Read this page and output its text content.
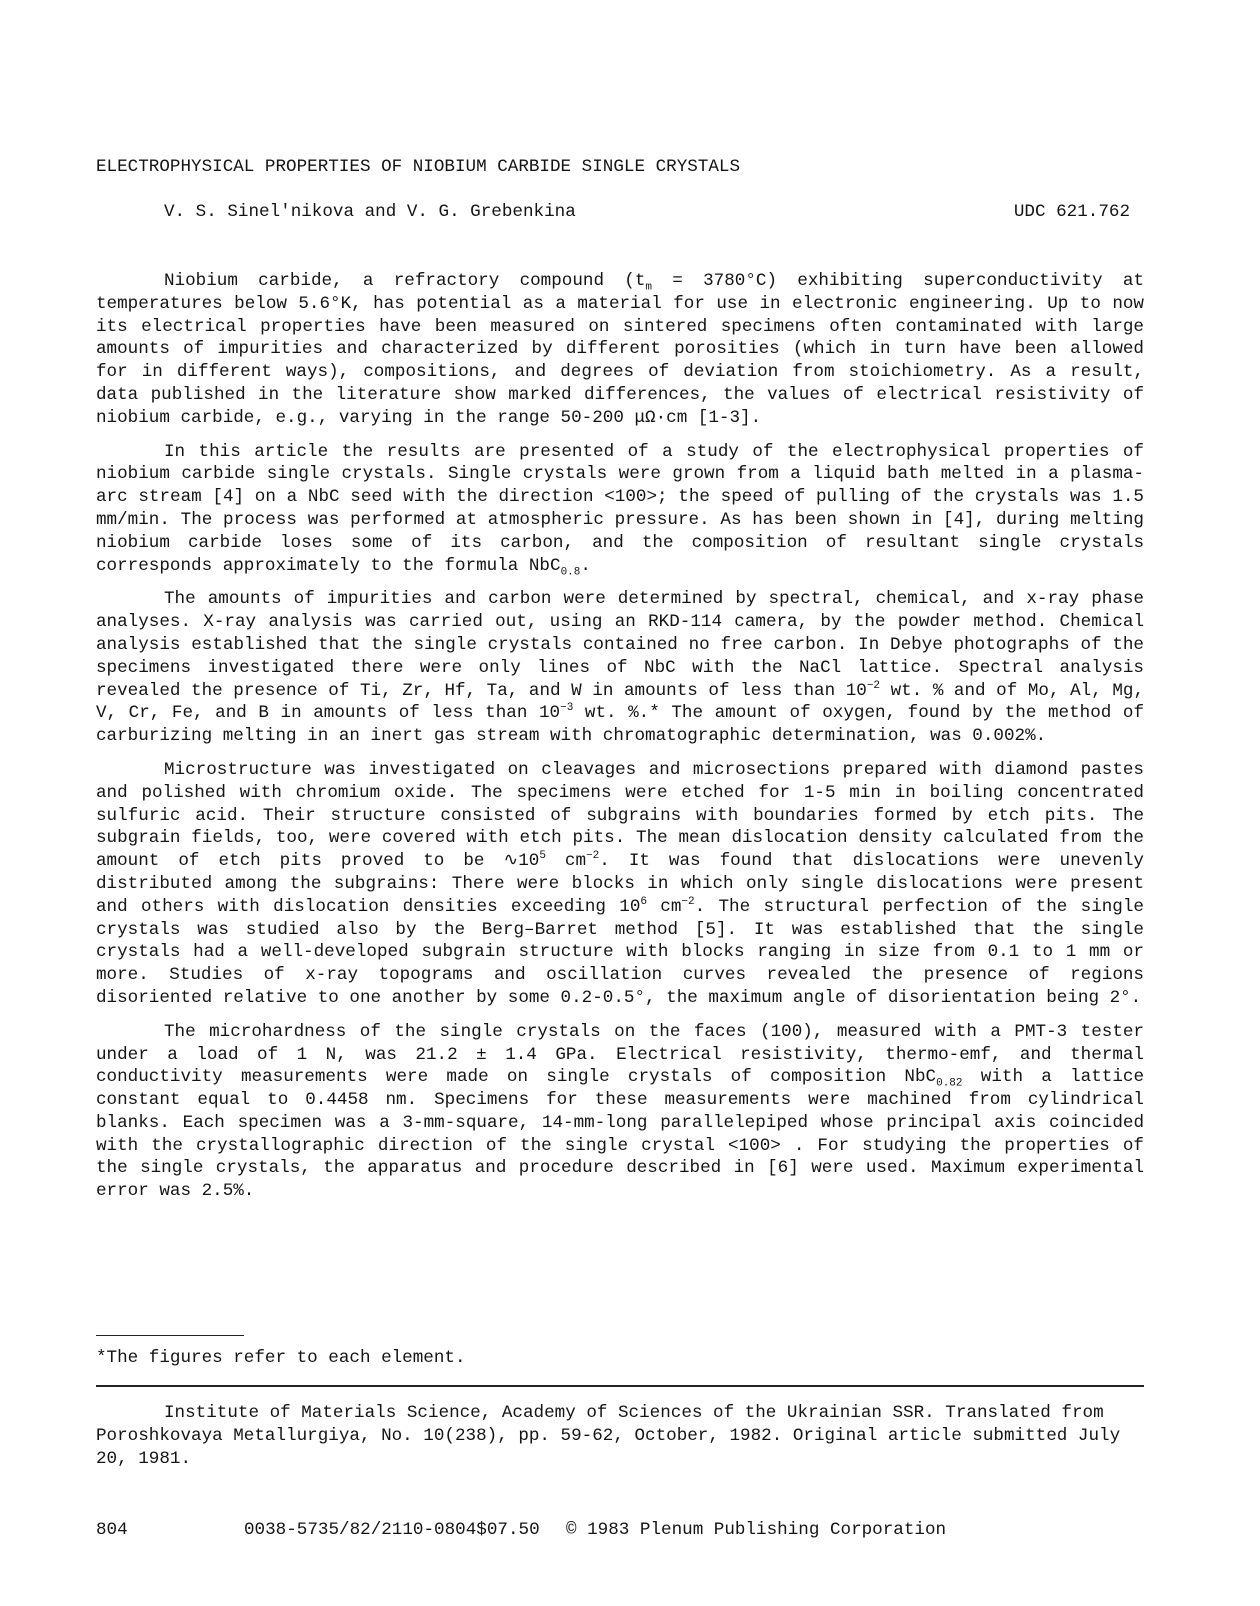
ELECTROPHYSICAL PROPERTIES OF NIOBIUM CARBIDE SINGLE CRYSTALS
V. S. Sinel'nikova and V. G. Grebenkina	UDC 621.762

Niobium carbide, a refractory compound $(t_m = 3780^\circ C)$ exhibiting superconductivity at temperatures below 5.6°K, has potential as a material for use in electronic engineering. Up to now its electrical properties have been measured on sintered specimens often contaminated with large amounts of impurities and characterized by different porosities (which in turn have been allowed for in different ways), compositions, and degrees of deviation from stoichiometry. As a result, data published in the literature show marked differences, the values of electrical resistivity of niobium carbide, e.g., varying in the range 50-200 μΩ·cm [1-3].

In this article the results are presented of a study of the electrophysical properties of niobium carbide single crystals. Single crystals were grown from a liquid bath melted in a plasma-arc stream [4] on a NbC seed with the direction <100>; the speed of pulling of the crystals was 1.5 mm/min. The process was performed at atmospheric pressure. As has been shown in [4], during melting niobium carbide loses some of its carbon, and the composition of resultant single crystals corresponds approximately to the formula NbC$_{0.8}$.

The amounts of impurities and carbon were determined by spectral, chemical, and x-ray phase analyses. X-ray analysis was carried out, using an RKD-114 camera, by the powder method. Chemical analysis established that the single crystals contained no free carbon. In Debye photographs of the specimens investigated there were only lines of NbC with the NaCl lattice. Spectral analysis revealed the presence of Ti, Zr, Hf, Ta, and W in amounts of less than $10^{-2}$ wt. % and of Mo, Al, Mg, V, Cr, Fe, and B in amounts of less than $10^{-3}$ wt. %.* The amount of oxygen, found by the method of carburizing melting in an inert gas stream with chromatographic determination, was 0.002%.

Microstructure was investigated on cleavages and microsections prepared with diamond pastes and polished with chromium oxide. The specimens were etched for 1-5 min in boiling concentrated sulfuric acid. Their structure consisted of subgrains with boundaries formed by etch pits. The subgrain fields, too, were covered with etch pits. The mean dislocation density calculated from the amount of etch pits proved to be $∿10^5$ $cm^{-2}$. It was found that dislocations were unevenly distributed among the subgrains: There were blocks in which only single dislocations were present and others with dislocation densities exceeding $10^6$ $cm^{-2}$. The structural perfection of the single crystals was studied also by the Berg–Barret method [5]. It was established that the single crystals had a well-developed subgrain structure with blocks ranging in size from 0.1 to 1 mm or more. Studies of x-ray topograms and oscillation curves revealed the presence of regions disoriented relative to one another by some 0.2-0.5°, the maximum angle of disorientation being 2°.

The microhardness of the single crystals on the faces (100), measured with a PMT-3 tester under a load of 1 N, was 21.2 ± 1.4 GPa. Electrical resistivity, thermo-emf, and thermal conductivity measurements were made on single crystals of composition NbC$_{0.82}$ with a lattice constant equal to 0.4458 nm. Specimens for these measurements were machined from cylindrical blanks. Each specimen was a 3-mm-square, 14-mm-long parallelepiped whose principal axis coincided with the crystallographic direction of the single crystal <100> . For studying the properties of the single crystals, the apparatus and procedure described in [6] were used. Maximum experimental error was 2.5%.

*The figures refer to each element.
Institute of Materials Science, Academy of Sciences of the Ukrainian SSR. Translated from Poroshkovaya Metallurgiya, No. 10(238), pp. 59-62, October, 1982. Original article submitted July 20, 1981.
804	0038-5735/82/2110-0804$07.50 © 1983 Plenum Publishing Corporation
